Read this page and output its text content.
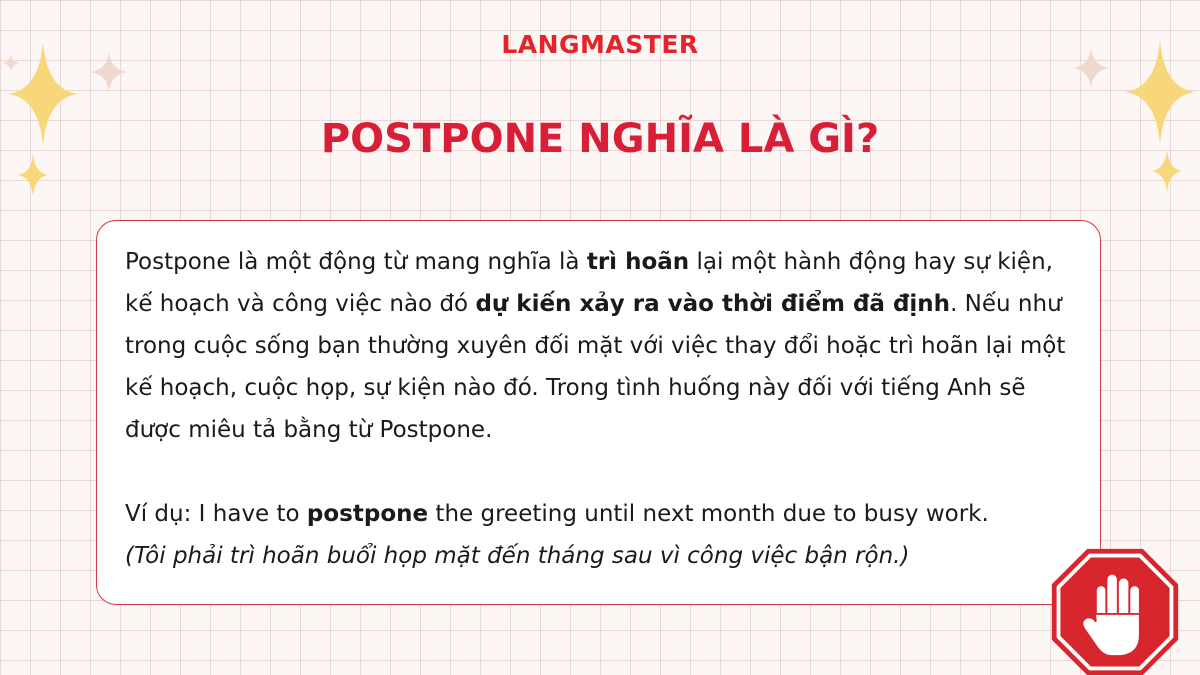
LANGMASTER
POSTPONE NGHĨA LÀ GÌ?

Postpone là một động từ mang nghĩa là trì hoãn lại một hành động hay sự kiện, kế hoạch và công việc nào đó dự kiến xảy ra vào thời điểm đã định. Nếu như trong cuộc sống bạn thường xuyên đối mặt với việc thay đổi hoặc trì hoãn lại một kế hoạch, cuộc họp, sự kiện nào đó. Trong tình huống này đối với tiếng Anh sẽ được miêu tả bằng từ Postpone.

Ví dụ: I have to postpone the greeting until next month due to busy work.

(Tôi phải trì hoãn buổi họp mặt đến tháng sau vì công việc bận rộn.)
